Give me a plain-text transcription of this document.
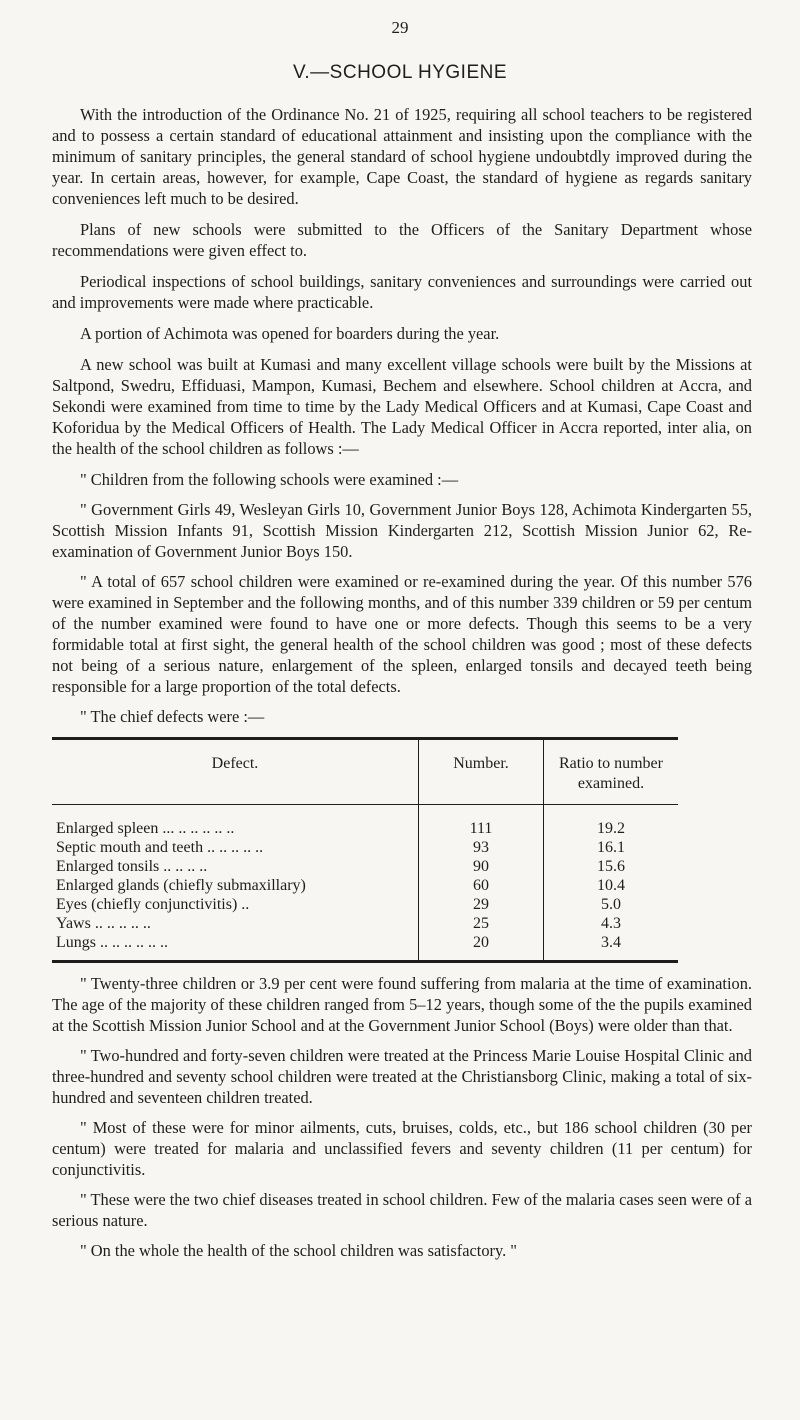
29
V.—SCHOOL HYGIENE

With the introduction of the Ordinance No. 21 of 1925, requiring all school teachers to be registered and to possess a certain standard of educational attainment and insisting upon the compliance with the minimum of sanitary principles, the general standard of school hygiene undoubtdly improved during the year. In certain areas, however, for example, Cape Coast, the standard of hygiene as regards sanitary conveniences left much to be desired.

Plans of new schools were submitted to the Officers of the Sanitary Department whose recommendations were given effect to.

Periodical inspections of school buildings, sanitary conveniences and surroundings were carried out and improvements were made where practicable.

A portion of Achimota was opened for boarders during the year.

A new school was built at Kumasi and many excellent village schools were built by the Missions at Saltpond, Swedru, Effiduasi, Mampon, Kumasi, Bechem and elsewhere. School children at Accra, and Sekondi were examined from time to time by the Lady Medical Officers and at Kumasi, Cape Coast and Koforidua by the Medical Officers of Health. The Lady Medical Officer in Accra reported, inter alia, on the health of the school children as follows :—

" Children from the following schools were examined :—

" Government Girls 49, Wesleyan Girls 10, Government Junior Boys 128, Achimota Kindergarten 55, Scottish Mission Infants 91, Scottish Mission Kindergarten 212, Scottish Mission Junior 62, Re-examination of Government Junior Boys 150.

" A total of 657 school children were examined or re-examined during the year. Of this number 576 were examined in September and the following months, and of this number 339 children or 59 per centum of the number examined were found to have one or more defects. Though this seems to be a very formidable total at first sight, the general health of the school children was good ; most of these defects not being of a serious nature, enlargement of the spleen, enlarged tonsils and decayed teeth being responsible for a large proportion of the total defects.

" The chief defects were :—

Defect.	Number.	Ratio to number examined.
Enlarged spleen ... .. .. .. .. ..	111	19.2
Septic mouth and teeth .. .. .. .. ..	93	16.1
Enlarged tonsils .. .. .. ..	90	15.6
Enlarged glands (chiefly submaxillary)	60	10.4
Eyes (chiefly conjunctivitis) ..	29	5.0
Yaws .. .. .. .. ..	25	4.3
Lungs .. .. .. .. .. ..	20	3.4

" Twenty-three children or 3.9 per cent were found suffering from malaria at the time of examination. The age of the majority of these children ranged from 5–12 years, though some of the the pupils examined at the Scottish Mission Junior School and at the Government Junior School (Boys) were older than that.

" Two-hundred and forty-seven children were treated at the Princess Marie Louise Hospital Clinic and three-hundred and seventy school children were treated at the Christiansborg Clinic, making a total of six-hundred and seventeen children treated.

" Most of these were for minor ailments, cuts, bruises, colds, etc., but 186 school children (30 per centum) were treated for malaria and unclassified fevers and seventy children (11 per centum) for conjunctivitis.

" These were the two chief diseases treated in school children. Few of the malaria cases seen were of a serious nature.

" On the whole the health of the school children was satisfactory. "
